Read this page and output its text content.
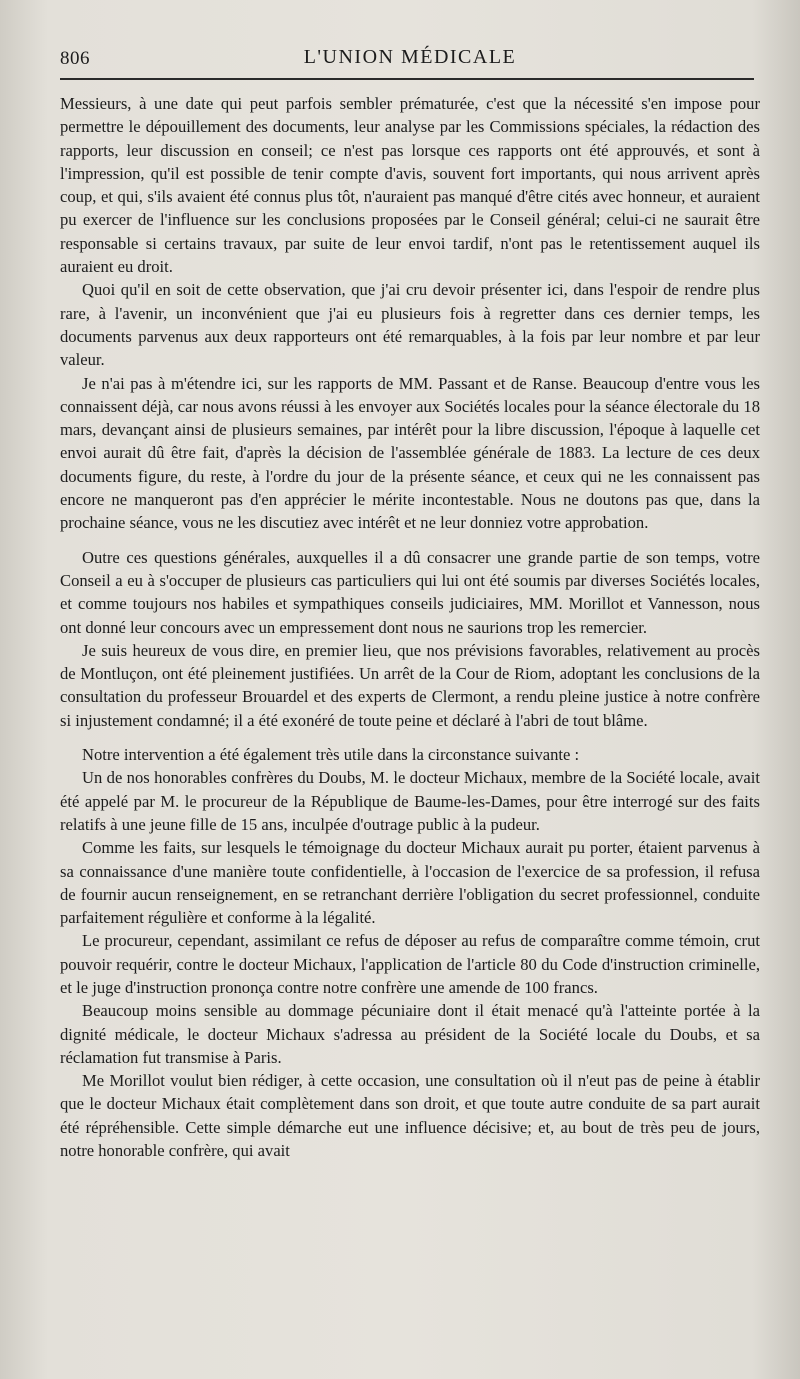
806	L'UNION MÉDICALE

Messieurs, à une date qui peut parfois sembler prématurée, c'est que la nécessité s'en impose pour permettre le dépouillement des documents, leur analyse par les Commissions spéciales, la rédaction des rapports, leur discussion en conseil; ce n'est pas lorsque ces rapports ont été approuvés, et sont à l'impression, qu'il est possible de tenir compte d'avis, souvent fort importants, qui nous arrivent après coup, et qui, s'ils avaient été connus plus tôt, n'auraient pas manqué d'être cités avec honneur, et auraient pu exercer de l'influence sur les conclusions proposées par le Conseil général; celui-ci ne saurait être responsable si certains travaux, par suite de leur envoi tardif, n'ont pas le retentissement auquel ils auraient eu droit.

Quoi qu'il en soit de cette observation, que j'ai cru devoir présenter ici, dans l'espoir de rendre plus rare, à l'avenir, un inconvénient que j'ai eu plusieurs fois à regretter dans ces dernier temps, les documents parvenus aux deux rapporteurs ont été remarquables, à la fois par leur nombre et par leur valeur.

Je n'ai pas à m'étendre ici, sur les rapports de MM. Passant et de Ranse. Beaucoup d'entre vous les connaissent déjà, car nous avons réussi à les envoyer aux Sociétés locales pour la séance électorale du 18 mars, devançant ainsi de plusieurs semaines, par intérêt pour la libre discussion, l'époque à laquelle cet envoi aurait dû être fait, d'après la décision de l'assemblée générale de 1883. La lecture de ces deux documents figure, du reste, à l'ordre du jour de la présente séance, et ceux qui ne les connaissent pas encore ne manqueront pas d'en apprécier le mérite incontestable. Nous ne doutons pas que, dans la prochaine séance, vous ne les discutiez avec intérêt et ne leur donniez votre approbation.

Outre ces questions générales, auxquelles il a dû consacrer une grande partie de son temps, votre Conseil a eu à s'occuper de plusieurs cas particuliers qui lui ont été soumis par diverses Sociétés locales, et comme toujours nos habiles et sympathiques conseils judiciaires, MM. Morillot et Vannesson, nous ont donné leur concours avec un empressement dont nous ne saurions trop les remercier.

Je suis heureux de vous dire, en premier lieu, que nos prévisions favorables, relativement au procès de Montluçon, ont été pleinement justifiées. Un arrêt de la Cour de Riom, adoptant les conclusions de la consultation du professeur Brouardel et des experts de Clermont, a rendu pleine justice à notre confrère si injustement condamné; il a été exonéré de toute peine et déclaré à l'abri de tout blâme.

Notre intervention a été également très utile dans la circonstance suivante :

Un de nos honorables confrères du Doubs, M. le docteur Michaux, membre de la Société locale, avait été appelé par M. le procureur de la République de Baume-les-Dames, pour être interrogé sur des faits relatifs à une jeune fille de 15 ans, inculpée d'outrage public à la pudeur.

Comme les faits, sur lesquels le témoignage du docteur Michaux aurait pu porter, étaient parvenus à sa connaissance d'une manière toute confidentielle, à l'occasion de l'exercice de sa profession, il refusa de fournir aucun renseignement, en se retranchant derrière l'obligation du secret professionnel, conduite parfaitement régulière et conforme à la légalité.

Le procureur, cependant, assimilant ce refus de déposer au refus de comparaître comme témoin, crut pouvoir requérir, contre le docteur Michaux, l'application de l'article 80 du Code d'instruction criminelle, et le juge d'instruction prononça contre notre confrère une amende de 100 francs.

Beaucoup moins sensible au dommage pécuniaire dont il était menacé qu'à l'atteinte portée à la dignité médicale, le docteur Michaux s'adressa au président de la Société locale du Doubs, et sa réclamation fut transmise à Paris.

Me Morillot voulut bien rédiger, à cette occasion, une consultation où il n'eut pas de peine à établir que le docteur Michaux était complètement dans son droit, et que toute autre conduite de sa part aurait été répréhensible. Cette simple démarche eut une influence décisive; et, au bout de très peu de jours, notre honorable confrère, qui avait
